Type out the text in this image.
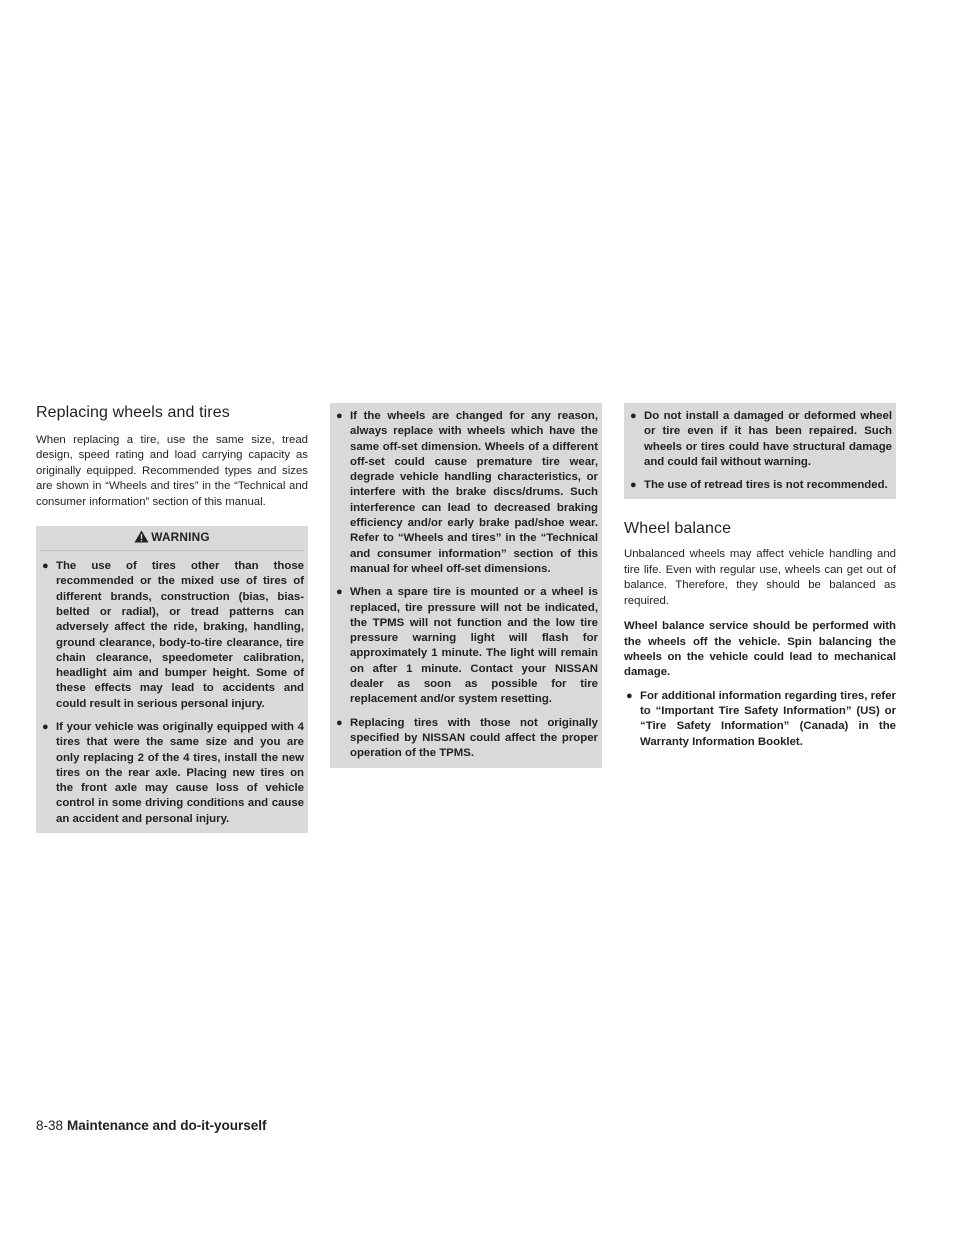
Replacing wheels and tires

When replacing a tire, use the same size, tread design, speed rating and load carrying capacity as originally equipped. Recommended types and sizes are shown in “Wheels and tires” in the “Technical and consumer information” section of this manual.

WARNING
● The use of tires other than those recommended or the mixed use of tires of different brands, construction (bias, bias-belted or radial), or tread patterns can adversely affect the ride, braking, handling, ground clearance, body-to-tire clearance, tire chain clearance, speedometer calibration, headlight aim and bumper height. Some of these effects may lead to accidents and could result in serious personal injury.
● If your vehicle was originally equipped with 4 tires that were the same size and you are only replacing 2 of the 4 tires, install the new tires on the rear axle. Placing new tires on the front axle may cause loss of vehicle control in some driving conditions and cause an accident and personal injury.
● If the wheels are changed for any reason, always replace with wheels which have the same off-set dimension. Wheels of a different off-set could cause premature tire wear, degrade vehicle handling characteristics, or interfere with the brake discs/drums. Such interference can lead to decreased braking efficiency and/or early brake pad/shoe wear. Refer to “Wheels and tires” in the “Technical and consumer information” section of this manual for wheel off-set dimensions.
● When a spare tire is mounted or a wheel is replaced, tire pressure will not be indicated, the TPMS will not function and the low tire pressure warning light will flash for approximately 1 minute. The light will remain on after 1 minute. Contact your NISSAN dealer as soon as possible for tire replacement and/or system resetting.
● Replacing tires with those not originally specified by NISSAN could affect the proper operation of the TPMS.
● Do not install a damaged or deformed wheel or tire even if it has been repaired. Such wheels or tires could have structural damage and could fail without warning.
● The use of retread tires is not recommended.
Wheel balance

Unbalanced wheels may affect vehicle handling and tire life. Even with regular use, wheels can get out of balance. Therefore, they should be balanced as required.

Wheel balance service should be performed with the wheels off the vehicle. Spin balancing the wheels on the vehicle could lead to mechanical damage.

● For additional information regarding tires, refer to “Important Tire Safety Information” (US) or “Tire Safety Information” (Canada) in the Warranty Information Booklet.
8-38 Maintenance and do-it-yourself
